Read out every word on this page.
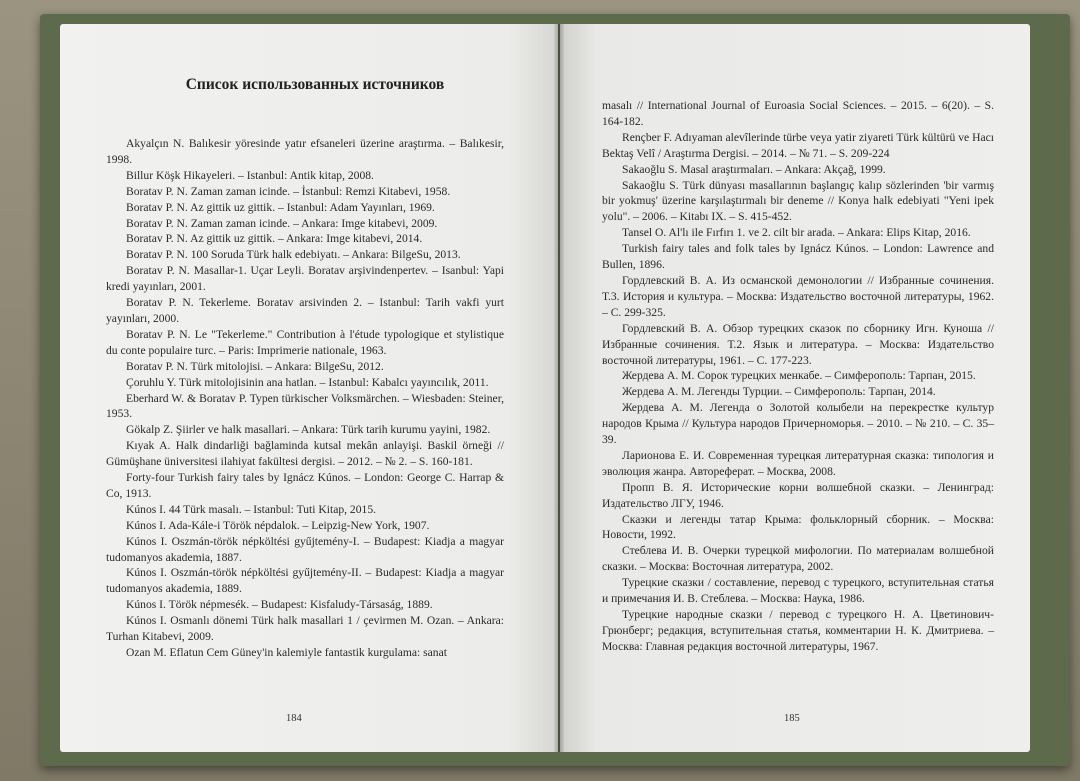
Список использованных источников
Akyalçın N. Balıkesir yöresinde yatır efsaneleri üzerine araştırma. – Balıkesir, 1998.
Billur Köşk Hikayeleri. – Istanbul: Antik kitap, 2008.
Boratav P. N. Zaman zaman icinde. – İstanbul: Remzi Kitabevi, 1958.
Boratav P. N. Az gittik uz gittik. – Istanbul: Adam Yayınları, 1969.
Boratav P. N. Zaman zaman icinde. – Ankara: Imge kitabevi, 2009.
Boratav P. N. Az gittik uz gittik. – Ankara: Imge kitabevi, 2014.
Boratav P. N. 100 Soruda Türk halk edebiyatı. – Ankara: BilgeSu, 2013.
Boratav P. N. Masallar-1. Uçar Leyli. Boratav arşivindenpertev. – Isanbul: Yapi kredi yayınları, 2001.
Boratav P. N. Tekerleme. Boratav arsivinden 2. – Istanbul: Tarih vakfi yurt yayınları, 2000.
Boratav P. N. Le "Tekerleme." Contribution à l'étude typologique et stylistique du conte populaire turc. – Paris: Imprimerie nationale, 1963.
Boratav P. N. Türk mitolojisi. – Ankara: BilgeSu, 2012.
Çoruhlu Y. Türk mitolojisinin ana hatlan. – Istanbul: Kabalcı yayıncılık, 2011.
Eberhard W. & Boratav P. Typen türkischer Volksmärchen. – Wiesbaden: Steiner, 1953.
Gökalp Z. Şiirler ve halk masallari. – Ankara: Türk tarih kurumu yayini, 1982.
Kıyak A. Halk dindarliği bağlaminda kutsal mekân anlayişi. Baskil örneği // Gümüşhane üniversitesi ilahiyat fakültesi dergisi. – 2012. – № 2. – S. 160-181.
Forty-four Turkish fairy tales by Ignácz Kúnos. – London: George C. Harrap & Co, 1913.
Kúnos I. 44 Türk masalı. – Istanbul: Tuti Kitap, 2015.
Kúnos I. Ada-Kále-i Török népdalok. – Leipzig-New York, 1907.
Kúnos I. Oszmán-török népköltési gyűjtemény-I. – Budapest: Kiadja a magyar tudomanyos akademia, 1887.
Kúnos I. Oszmán-török népköltési gyűjtemény-II. – Budapest: Kiadja a magyar tudomanyos akademia, 1889.
Kúnos I. Török népmesék. – Budapest: Kisfaludy-Társaság, 1889.
Kúnos I. Osmanlı dönemi Türk halk masallari 1 / çevirmen M. Ozan. – Ankara: Turhan Kitabevi, 2009.
Ozan M. Eflatun Cem Güney'in kalemiyle fantastik kurgulama: sanat
184
masalı // International Journal of Euroasia Social Sciences. – 2015. – 6(20). – S. 164-182.
Rençber F. Adıyaman alevîlerinde türbe veya yatir ziyareti Türk kültürü ve Hacı Bektaş Velî / Araştırma Dergisi. – 2014. – № 71. – S. 209-224
Sakaoğlu S. Masal araştırmaları. – Ankara: Akçağ, 1999.
Sakaoğlu S. Türk dünyası masallarının başlangıç kalıp sözlerinden 'bir varmış bir yokmuş' üzerine karşılaştırmalı bir deneme // Konya halk edebiyati "Yeni ipek yolu". – 2006. – Kitabı IX. – S. 415-452.
Tansel O. Al'lı ile Fırfırı 1. ve 2. cilt bir arada. – Ankara: Elips Kitap, 2016.
Turkish fairy tales and folk tales by Ignácz Kúnos. – London: Lawrence and Bullen, 1896.
Гордлевский В. А. Из османской демонологии // Избранные сочинения. Т.3. История и культура. – Москва: Издательство восточной литературы, 1962. – С. 299-325.
Гордлевский В. А. Обзор турецких сказок по сборнику Игн. Куноша // Избранные сочинения. Т.2. Язык и литература. – Москва: Издательство восточной литературы, 1961. – С. 177-223.
Жердева А. М. Сорок турецких менкабе. – Симферополь: Тарпан, 2015.
Жердева А. М. Легенды Турции. – Симферополь: Тарпан, 2014.
Жердева А. М. Легенда о Золотой колыбели на перекрестке культур народов Крыма // Культура народов Причерноморья. – 2010. – № 210. – С. 35–39.
Ларионова Е. И. Современная турецкая литературная сказка: типология и эволюция жанра. Автореферат. – Москва, 2008.
Пропп В. Я. Исторические корни волшебной сказки. – Ленинград: Издательство ЛГУ, 1946.
Сказки и легенды татар Крыма: фольклорный сборник. – Москва: Новости, 1992.
Стеблева И. В. Очерки турецкой мифологии. По материалам волшебной сказки. – Москва: Восточная литература, 2002.
Турецкие сказки / составление, перевод с турецкого, вступительная статья и примечания И. В. Стеблева. – Москва: Наука, 1986.
Турецкие народные сказки / перевод с турецкого Н. А. Цветинович-Грюнберг; редакция, вступительная статья, комментарии Н. К. Дмитриева. – Москва: Главная редакция восточной литературы, 1967.
185
